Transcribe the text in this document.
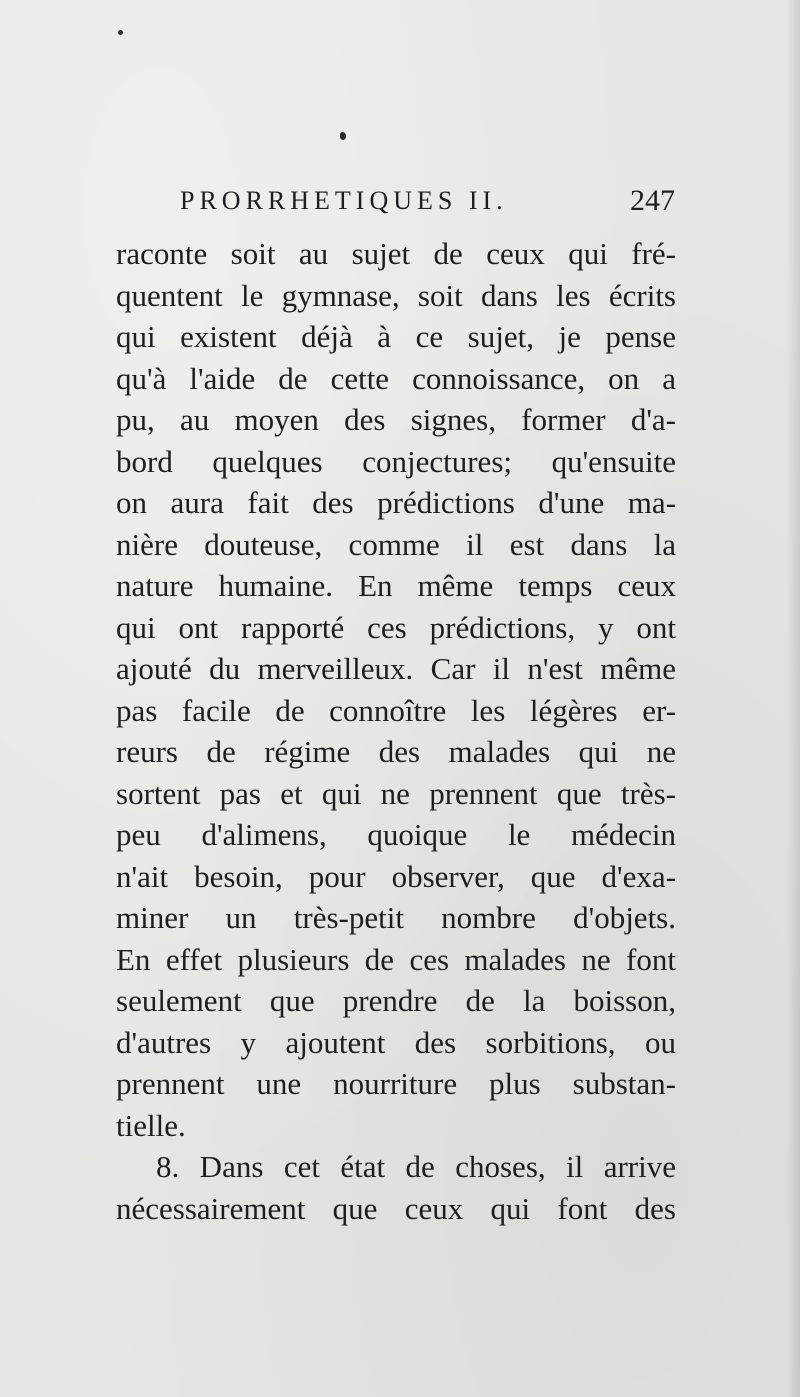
PRORRHETIQUES II.	247
raconte soit au sujet de ceux qui fré-
quentent le gymnase, soit dans les écrits
qui existent déjà à ce sujet, je pense
qu'à l'aide de cette connoissance, on a
pu, au moyen des signes, former d'a-
bord quelques conjectures; qu'ensuite
on aura fait des prédictions d'une ma-
nière douteuse, comme il est dans la
nature humaine. En même temps ceux
qui ont rapporté ces prédictions, y ont
ajouté du merveilleux. Car il n'est même
pas facile de connoître les légères er-
reurs de régime des malades qui ne
sortent pas et qui ne prennent que très-
peu d'alimens, quoique le médecin
n'ait besoin, pour observer, que d'exa-
miner un très-petit nombre d'objets.
En effet plusieurs de ces malades ne font
seulement que prendre de la boisson,
d'autres y ajoutent des sorbitions, ou
prennent une nourriture plus substan-
tielle.
8. Dans cet état de choses, il arrive
nécessairement que ceux qui font des
